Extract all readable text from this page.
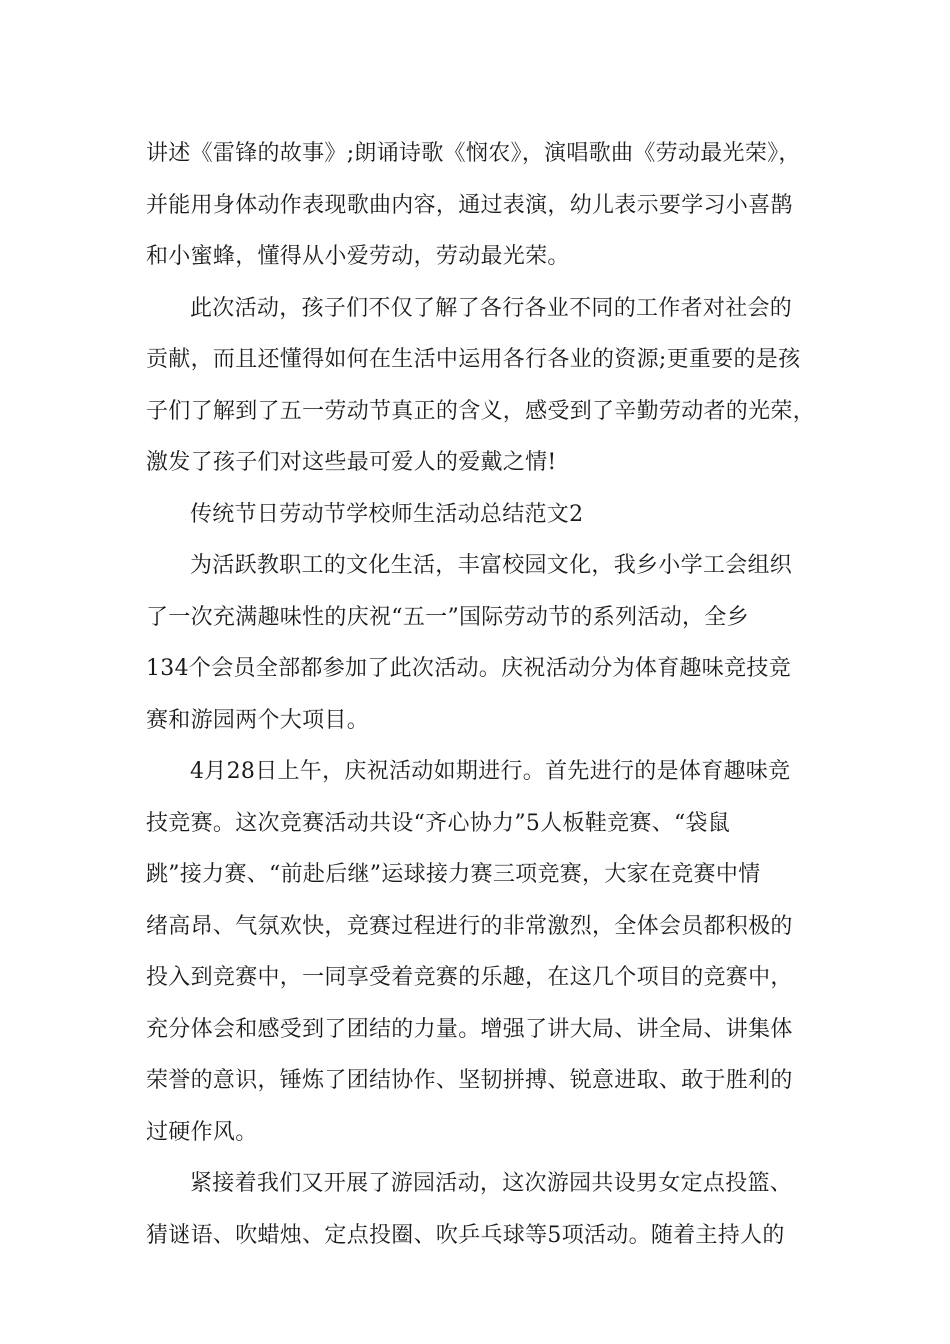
讲述《雷锋的故事》;朗诵诗歌《悯农》，演唱歌曲《劳动最光荣》，
并能用身体动作表现歌曲内容，通过表演，幼儿表示要学习小喜鹊
和小蜜蜂，懂得从小爱劳动，劳动最光荣。
此次活动，孩子们不仅了解了各行各业不同的工作者对社会的
贡献，而且还懂得如何在生活中运用各行各业的资源;更重要的是孩
子们了解到了五一劳动节真正的含义，感受到了辛勤劳动者的光荣，
激发了孩子们对这些最可爱人的爱戴之情!
传统节日劳动节学校师生活动总结范文2
为活跃教职工的文化生活，丰富校园文化，我乡小学工会组织
了一次充满趣味性的庆祝“五一”国际劳动节的系列活动，全乡
134个会员全部都参加了此次活动。庆祝活动分为体育趣味竞技竞
赛和游园两个大项目。
4月28日上午，庆祝活动如期进行。首先进行的是体育趣味竞
技竞赛。这次竞赛活动共设“齐心协力”5人板鞋竞赛、“袋鼠
跳”接力赛、“前赴后继”运球接力赛三项竞赛，大家在竞赛中情
绪高昂、气氛欢快，竞赛过程进行的非常激烈，全体会员都积极的
投入到竞赛中，一同享受着竞赛的乐趣，在这几个项目的竞赛中，
充分体会和感受到了团结的力量。增强了讲大局、讲全局、讲集体
荣誉的意识，锤炼了团结协作、坚韧拼搏、锐意进取、敢于胜利的
过硬作风。
紧接着我们又开展了游园活动，这次游园共设男女定点投篮、
猜谜语、吹蜡烛、定点投圈、吹乒乓球等5项活动。随着主持人的
